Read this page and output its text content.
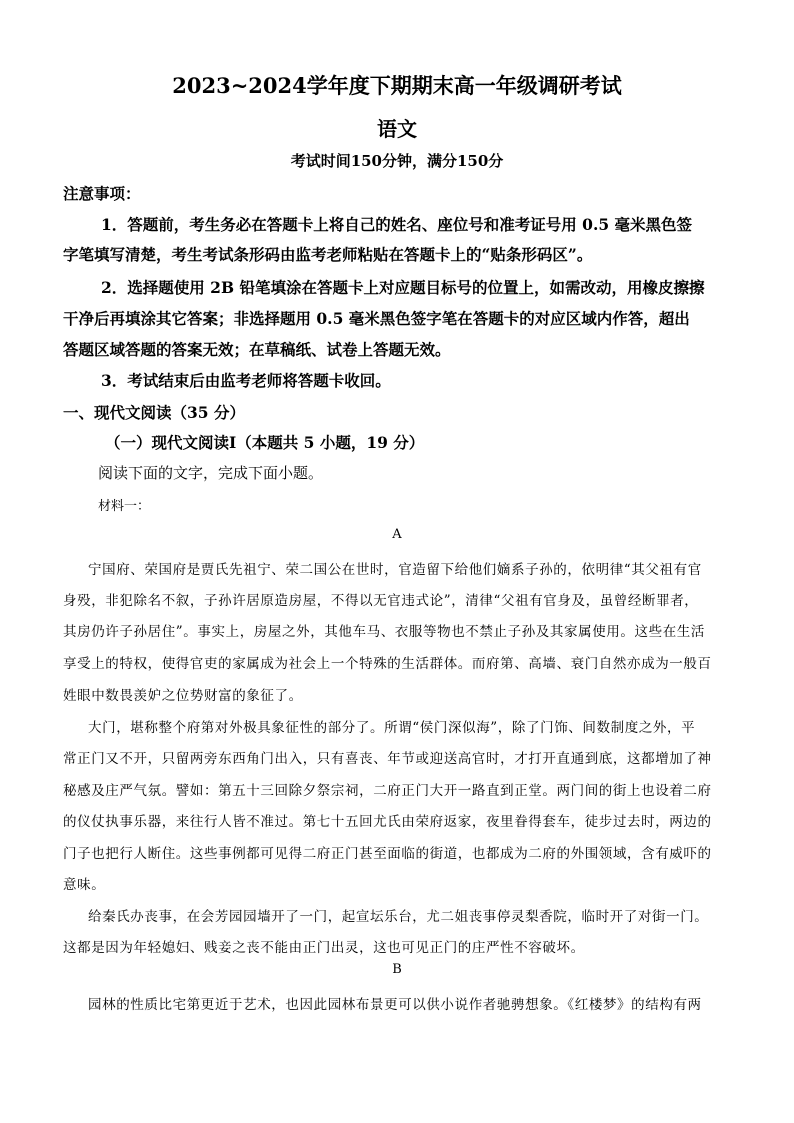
2023~2024学年度下期期末高一年级调研考试
语文
考试时间150分钟，满分150分
注意事项：
1．答题前，考生务必在答题卡上将自己的姓名、座位号和准考证号用 0.5 毫米黑色签
字笔填写清楚，考生考试条形码由监考老师粘贴在答题卡上的“贴条形码区”。
2．选择题使用 2B 铅笔填涂在答题卡上对应题目标号的位置上，如需改动，用橡皮擦擦
干净后再填涂其它答案；非选择题用 0.5 毫米黑色签字笔在答题卡的对应区域内作答，超出
答题区域答题的答案无效；在草稿纸、试卷上答题无效。
3．考试结束后由监考老师将答题卡收回。
一、现代文阅读（35 分）
（一）现代文阅读Ⅰ（本题共 5 小题，19 分）
阅读下面的文字，完成下面小题。
材料一：
A
宁国府、荣国府是贾氏先祖宁、荣二国公在世时，官造留下给他们嫡系子孙的，依明律“其父祖有官
身殁，非犯除名不叙，子孙许居原造房屋，不得以无官违式论”，清律“父祖有官身及，虽曾经断罪者，
其房仍许子孙居住”。事实上，房屋之外，其他车马、衣服等物也不禁止子孙及其家属使用。这些在生活
享受上的特权，使得官吏的家属成为社会上一个特殊的生活群体。而府第、高墙、衰门自然亦成为一般百
姓眼中数畏羡妒之位势财富的象征了。
大门，堪称整个府第对外极具象征性的部分了。所谓“侯门深似海”，除了门饰、间数制度之外，平
常正门又不开，只留两旁东西角门出入，只有喜丧、年节或迎送高官时，才打开直通到底，这都增加了神
秘感及庄严气氛。譬如：第五十三回除夕祭宗祠，二府正门大开一路直到正堂。两门间的街上也设着二府
的仪仗执事乐器，来往行人皆不准过。第七十五回尤氏由荣府返家，夜里眷得套车，徒步过去时，两边的
门子也把行人断住。这些事例都可见得二府正门甚至面临的街道，也都成为二府的外围领域，含有威吓的
意味。
给秦氏办丧事，在会芳园园墙开了一门，起宣坛乐台，尤二姐丧事停灵梨香院，临时开了对街一门。
这都是因为年轻媳妇、贱妾之丧不能由正门出灵，这也可见正门的庄严性不容破坏。
B
园林的性质比宅第更近于艺术，也因此园林布景更可以供小说作者驰骋想象。《红楼梦》的结构有两
